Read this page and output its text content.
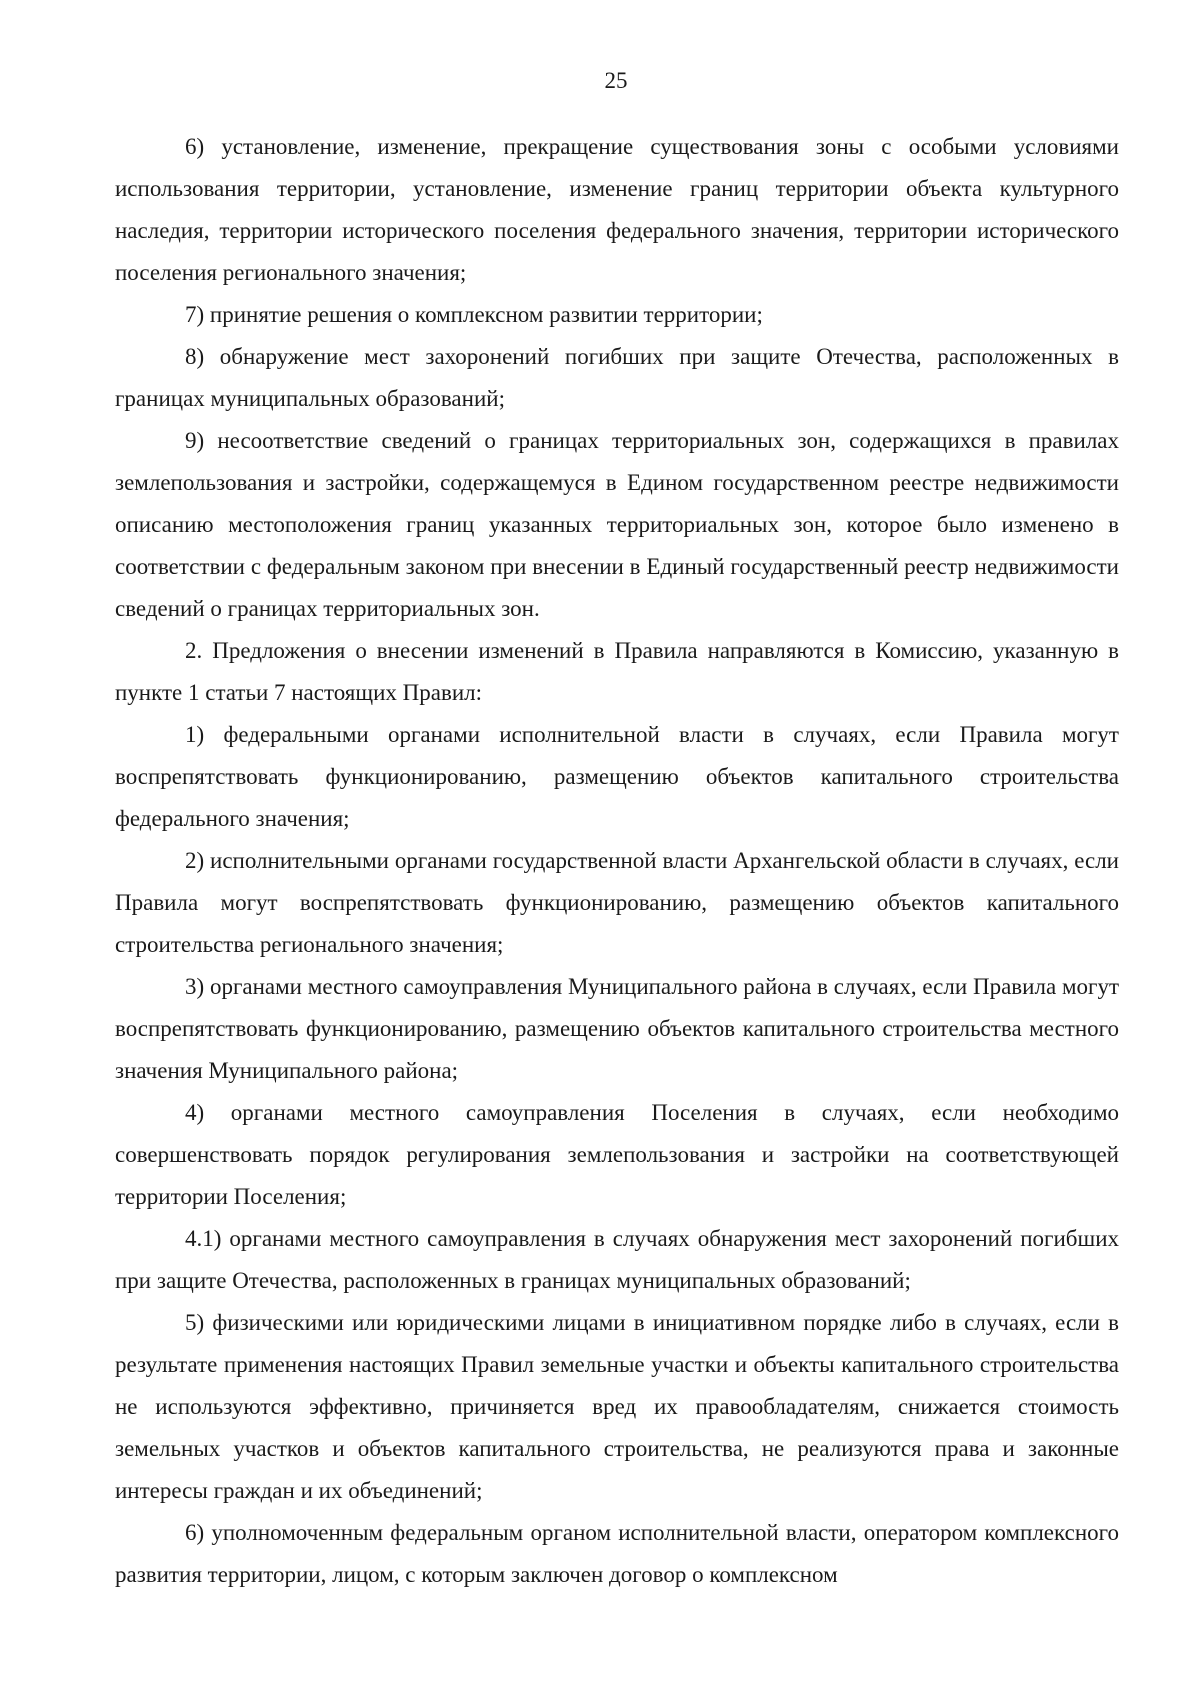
25

6) установление, изменение, прекращение существования зоны с особыми условиями использования территории, установление, изменение границ территории объекта культурного наследия, территории исторического поселения федерального значения, территории исторического поселения регионального значения;

7) принятие решения о комплексном развитии территории;

8) обнаружение мест захоронений погибших при защите Отечества, расположенных в границах муниципальных образований;

9) несоответствие сведений о границах территориальных зон, содержащихся в правилах землепользования и застройки, содержащемуся в Едином государственном реестре недвижимости описанию местоположения границ указанных территориальных зон, которое было изменено в соответствии с федеральным законом при внесении в Единый государственный реестр недвижимости сведений о границах территориальных зон.

2. Предложения о внесении изменений в Правила направляются в Комиссию, указанную в пункте 1 статьи 7 настоящих Правил:

1) федеральными органами исполнительной власти в случаях, если Правила могут воспрепятствовать функционированию, размещению объектов капитального строительства федерального значения;

2) исполнительными органами государственной власти Архангельской области в случаях, если Правила могут воспрепятствовать функционированию, размещению объектов капитального строительства регионального значения;

3) органами местного самоуправления Муниципального района в случаях, если Правила могут воспрепятствовать функционированию, размещению объектов капитального строительства местного значения Муниципального района;

4) органами местного самоуправления Поселения в случаях, если необходимо совершенствовать порядок регулирования землепользования и застройки на соответствующей территории Поселения;

4.1) органами местного самоуправления в случаях обнаружения мест захоронений погибших при защите Отечества, расположенных в границах муниципальных образований;

5) физическими или юридическими лицами в инициативном порядке либо в случаях, если в результате применения настоящих Правил земельные участки и объекты капитального строительства не используются эффективно, причиняется вред их правообладателям, снижается стоимость земельных участков и объектов капитального строительства, не реализуются права и законные интересы граждан и их объединений;

6) уполномоченным федеральным органом исполнительной власти, оператором комплексного развития территории, лицом, с которым заключен договор о комплексном
